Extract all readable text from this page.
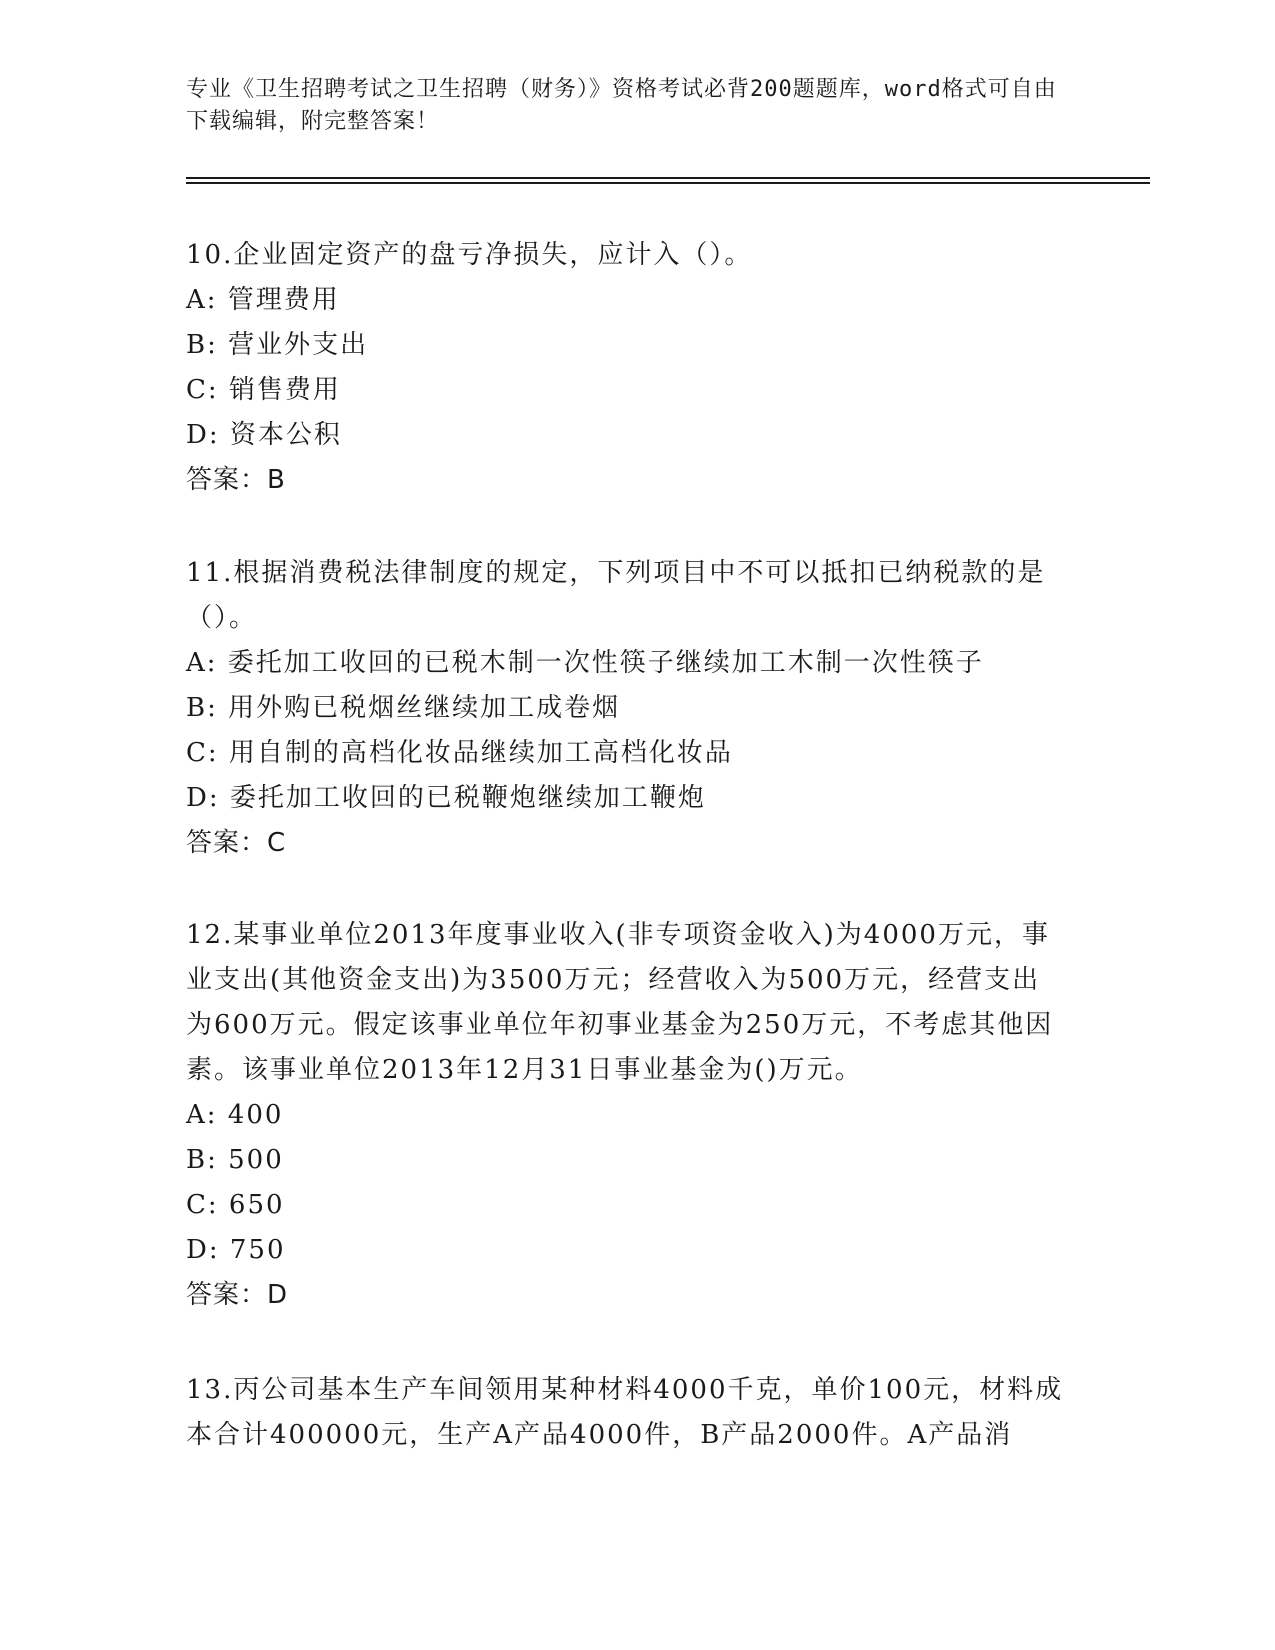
专业《卫生招聘考试之卫生招聘（财务）》资格考试必背200题题库，word格式可自由下载编辑，附完整答案！

10.企业固定资产的盘亏净损失，应计入（）。

A: 管理费用

B: 营业外支出

C: 销售费用

D: 资本公积

答案：B

11.根据消费税法律制度的规定，下列项目中不可以抵扣已纳税款的是（）。

A: 委托加工收回的已税木制一次性筷子继续加工木制一次性筷子

B: 用外购已税烟丝继续加工成卷烟

C: 用自制的高档化妆品继续加工高档化妆品

D: 委托加工收回的已税鞭炮继续加工鞭炮

答案：C

12.某事业单位2013年度事业收入(非专项资金收入)为4000万元，事业支出(其他资金支出)为3500万元；经营收入为500万元，经营支出为600万元。假定该事业单位年初事业基金为250万元，不考虑其他因素。该事业单位2013年12月31日事业基金为()万元。

A: 400

B: 500

C: 650

D: 750

答案：D

13.丙公司基本生产车间领用某种材料4000千克，单价100元，材料成本合计400000元，生产A产品4000件，B产品2000件。A产品消
